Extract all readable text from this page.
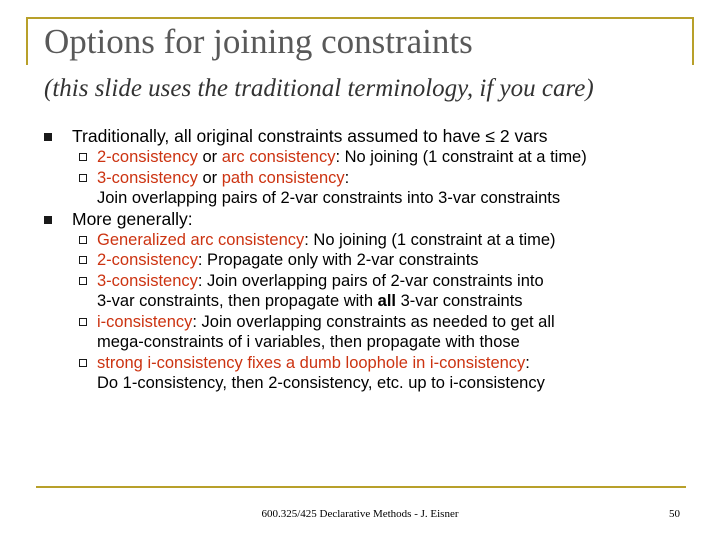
Options for joining constraints
(this slide uses the traditional terminology, if you care)
Traditionally, all original constraints assumed to have ≤ 2 vars
2-consistency or arc consistency: No joining (1 constraint at a time)
3-consistency or path consistency:
Join overlapping pairs of 2-var constraints into 3-var constraints
More generally:
Generalized arc consistency: No joining (1 constraint at a time)
2-consistency: Propagate only with 2-var constraints
3-consistency: Join overlapping pairs of 2-var constraints into
3-var constraints, then propagate with all 3-var constraints
i-consistency: Join overlapping constraints as needed to get all
mega-constraints of i variables, then propagate with those
strong i-consistency fixes a dumb loophole in i-consistency:
Do 1-consistency, then 2-consistency, etc. up to i-consistency
600.325/425 Declarative Methods - J. Eisner	50
